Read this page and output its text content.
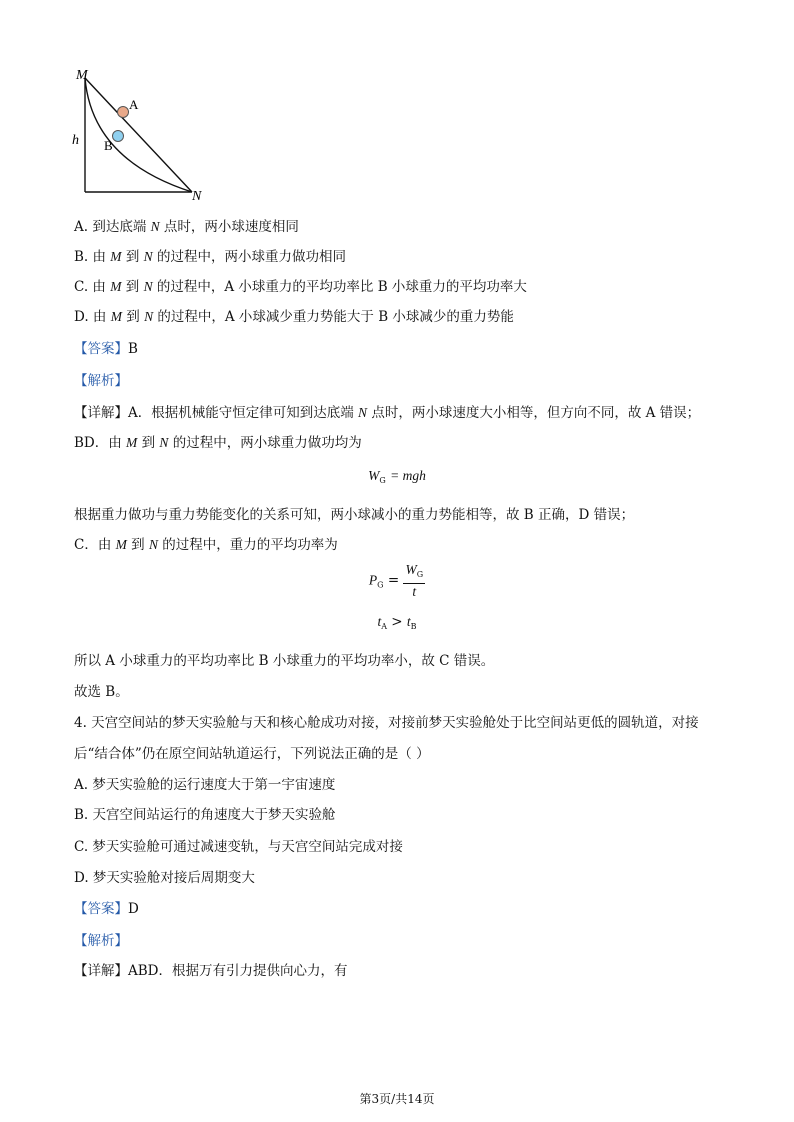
M
h
N
A
B
A. 到达底端 N 点时，两小球速度相同
B. 由 M 到 N 的过程中，两小球重力做功相同
C. 由 M 到 N 的过程中，A 小球重力的平均功率比 B 小球重力的平均功率大
D. 由 M 到 N 的过程中，A 小球减少重力势能大于 B 小球减少的重力势能
【答案】B
【解析】
【详解】A．根据机械能守恒定律可知到达底端 N 点时，两小球速度大小相等，但方向不同，故 A 错误；
BD．由 M 到 N 的过程中，两小球重力做功均为
$W_G$ = mgh
根据重力做功与重力势能变化的关系可知，两小球减小的重力势能相等，故 B 正确，D 错误；
C．由 M 到 N 的过程中，重力的平均功率为
$P_G = \frac{W_G}{t}$
$t_A > t_B$
所以 A 小球重力的平均功率比 B 小球重力的平均功率小，故 C 错误。
故选 B。
4. 天宫空间站的梦天实验舱与天和核心舱成功对接，对接前梦天实验舱处于比空间站更低的圆轨道，对接
后“结合体”仍在原空间站轨道运行，下列说法正确的是（ ）
A. 梦天实验舱的运行速度大于第一宇宙速度
B. 天宫空间站运行的角速度大于梦天实验舱
C. 梦天实验舱可通过减速变轨，与天宫空间站完成对接
D. 梦天实验舱对接后周期变大
【答案】D
【解析】
【详解】ABD．根据万有引力提供向心力，有
第3页/共14页
